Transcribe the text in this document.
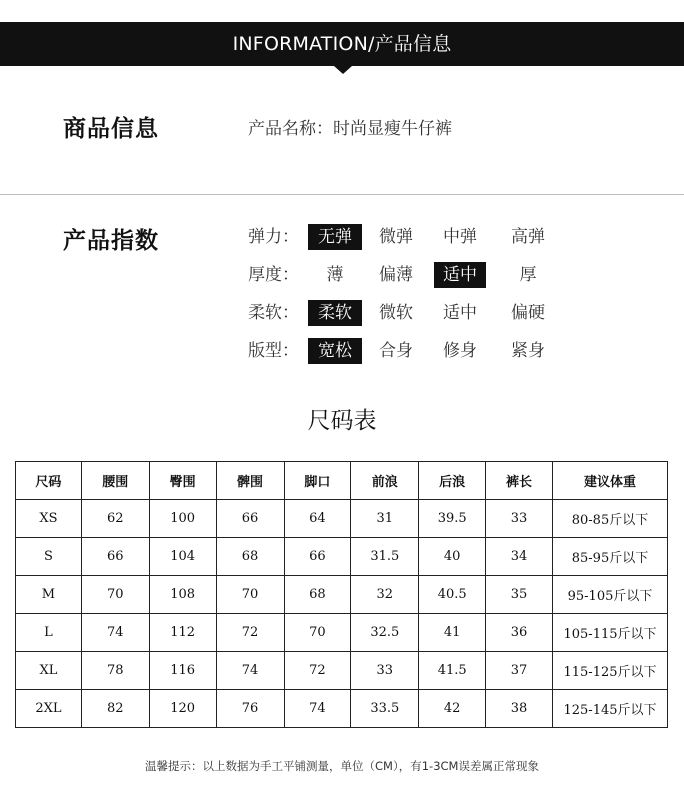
INFORMATION/产品信息
商品信息	产品名称：时尚显瘦牛仔裤
产品指数	弹力：	无弹	微弹	中弹	高弹
厚度：	薄	偏薄	适中	厚
柔软：	柔软	微软	适中	偏硬
版型：	宽松	合身	修身	紧身
尺码表
尺码	腰围	臀围	髀围	脚口	前浪	后浪	裤长	建议体重
XS	62	100	66	64	31	39.5	33	80-85斤以下
S	66	104	68	66	31.5	40	34	85-95斤以下
M	70	108	70	68	32	40.5	35	95-105斤以下
L	74	112	72	70	32.5	41	36	105-115斤以下
XL	78	116	74	72	33	41.5	37	115-125斤以下
2XL	82	120	76	74	33.5	42	38	125-145斤以下
温馨提示：以上数据为手工平铺测量，单位（CM），有1-3CM误差属正常现象
